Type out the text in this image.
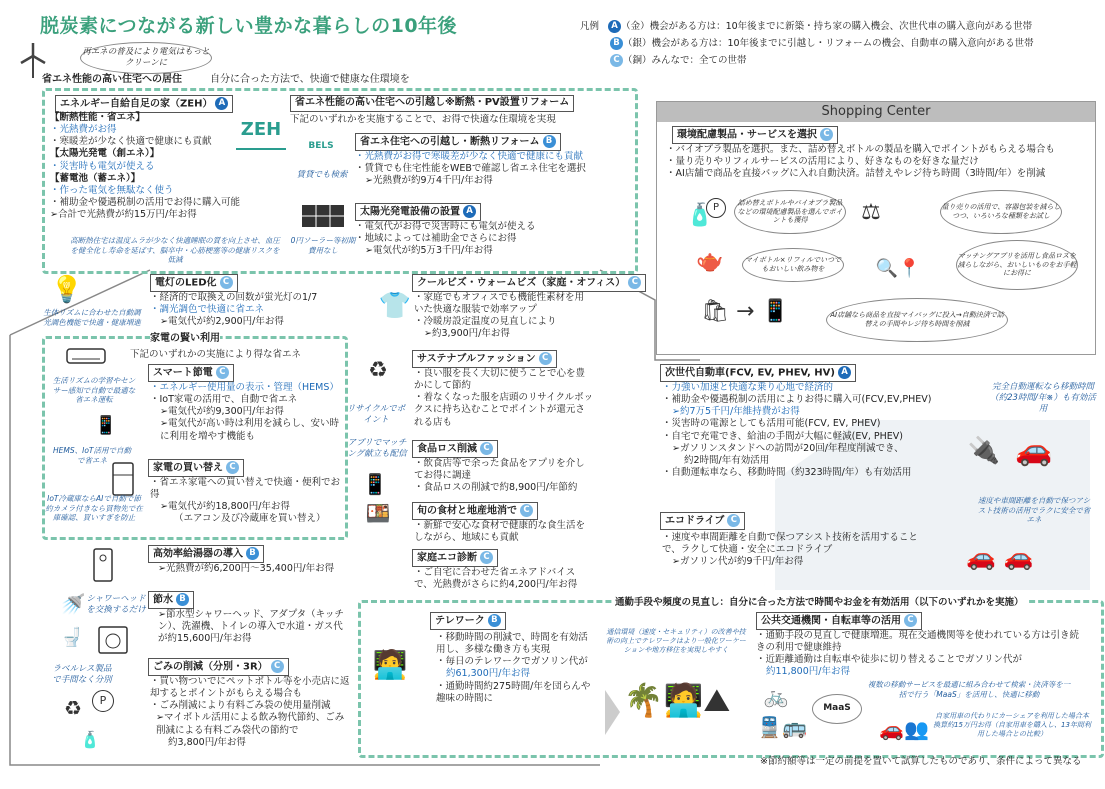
脱炭素につながる新しい豊かな暮らしの10年後
再エネの普及により電気はもっとクリーンに
凡例 A （金）機会がある方は：10年後までに新築・持ち家の購入機会、次世代車の購入意向がある世帯
B （銀）機会がある方は：10年後までに引越し・リフォームの機会、自動車の購入意向がある世帯
C （銅）みんなで：全ての世帯
省エネ性能の高い住宅への居住	自分に合った方法で、快適で健康な住環境を
エネルギー自給自足の家（ZEH） A
【断熱性能・省エネ】
・光熱費がお得
・寒暖差が少なく快適で健康にも貢献
【太陽光発電（創エネ）】
・災害時も電気が使える
【蓄電池（蓄エネ）】
・作った電気を無駄なく使う
・補助金や優遇税制の活用でお得に購入可能
➢合計で光熱費が約15万円/年お得
ZEH
高断熱住宅は温度ムラが少なく快適睡眠の質を向上させ、血圧を健全化し寿命を延ばす、脳卒中・心筋梗塞等の健康リスクを低減
省エネ性能の高い住宅への引越し※断熱・PV設置リフォーム
下記のいずれかを実施することで、お得で快適な住環境を実現
BELS
賃貸でも検索
省エネ住宅への引越し・断熱リフォーム B
・光熱費がお得で寒暖差が少なく快適で健康にも貢献
・賃貸でも住宅性能をWEBで確認し省エネ住宅を選択
➢光熱費が約9万4千円/年お得
0円ソーラー等初期費用なし
太陽光発電設備の設置 A
・電気代がお得で災害時にも電気が使える
・地域によっては補助金でさらにお得
➢電気代が約5万3千円/年お得
💡
生体リズムに合わせた自動調光調色機能で快適・健康増進
電灯のLED化 C
・経済的で取換えの回数が蛍光灯の1/7
・調光調色で快適に省エネ
➢電気代が約2,900円/年お得
👕
クールビズ・ウォームビズ（家庭・オフィス） C
・家庭でもオフィスでも機能性素材を用いた快適な服装で効率アップ
・冷暖房設定温度の見直しにより
➢約3,900円/年お得
家電の賢い利用
下記のいずれかの実施により得な省エネ
生活リズムの学習やセンサー感知で自動で最適な省エネ運転
📱
HEMS、IoT活用で自動で省エネ
スマート節電 C
・エネルギー使用量の表示・管理（HEMS）
・IoT家電の活用で、自動で省エネ
➢電気代が約9,300円/年お得
➢電気代が高い時は利用を減らし、安い時に利用を増やす機能も
IoT冷蔵庫ならAIで自動で節約カメラ付きなら買物先で在庫確認、買いすぎを防止
家電の買い替え C
・省エネ家電への買い替えで快適・便利でお得
➢電気代が約18,800円/年お得
（エアコン及び冷蔵庫を買い替え）
♻
リサイクルでポイント
サステナブルファッション C
・良い服を長く大切に使うことで心を豊かにして節約
・着なくなった服を店頭のリサイクルボックスに持ち込むことでポイントが還元される店も
アプリでマッチング献立も配信
📱
食品ロス削減 C
・飲食店等で余った食品をアプリを介してお得に調達
・食品ロスの削減で約8,900円/年節約
🍱	旬の食材と地産地消で C
・新鮮で安心な食材で健康的な食生活をしながら、地域にも貢献
家庭エコ診断 C
・ご自宅に合わせた省エネアドバイスで、光熱費がさらに約4,200円/年お得
高効率給湯器の導入 B
➢光熱費が約6,200円～35,400円/年お得
🚿 シャワーヘッドを交換するだけ
🚽
節水 B
➢節水型シャワーヘッド、アダプタ（キッチン）、洗濯機、トイレの導入で水道・ガス代が約15,600円/年お得
ラベルレス製品で手間なく分別
♻	P
🧴
ごみの削減（分別・3R） C
・買い物ついでにペットボトル等を小売店に返却するとポイントがもらえる場合も
・ごみ削減により有料ごみ袋の使用量削減
➢マイボトル活用による飲み物代節約、ごみ削減による有料ごみ袋代の節約で
約3,800円/年お得
Shopping Center
環境配慮製品・サービスを選択 C
・バイオプラ製品を選択。また、詰め替えボトルの製品を購入でポイントがもらえる場合も
・量り売りやリフィルサービスの活用により、好きなものを好きな量だけ
・AI店舗で商品を直接バッグに入れ自動決済。詰替えやレジ待ち時間（3時間/年）を削減
🧴 P	詰め替えボトルやバイオプラ製品などの環境配慮製品を選んでポイントも獲得	⚖	量り売りの活用で、容器包装を減らしつつ、いろいろな種類をお試し
🫖	マイボトル×リフィルでいつでもおいしい飲み物を	🔍📍
マッチングアプリを活用し食品ロスを減らしながら、おいしいものをお手軽にお得に
🛍 → 📱	AI店舗なら商品を直接マイバッグに投入→自動決済で詰替えの手間やレジ待ち時間を削減
次世代自動車(FCV, EV, PHEV, HV) A
・力強い加速と快適な乗り心地で経済的
・補助金や優遇税制の活用によりお得に購入可(FCV,EV,PHEV)
➢約7万5千円/年維持費がお得
・災害時の電源としても活用可能(FCV, EV, PHEV)
・自宅で充電でき、給油の手間が大幅に軽減(EV, PHEV)
➢ガソリンスタンドへの訪問が20回/年程度削減でき、
約2時間/年有効活用
・自動運転車なら、移動時間（約323時間/年）も有効活用
完全自動運転なら移動時間（約23時間/年※）も有効活用
🔌 🚗
エコドライブ C
・速度や車間距離を自動で保つアシスト技術を活用することで、ラクして快適・安全にエコドライブ
➢ガソリン代が約9千円/年お得
速度や車間距離を自動で保つアシスト技術の活用でラクに安全で省エネ
🚗 🚗
通勤手段や頻度の見直し：自分に合った方法で時間やお金を有効活用（以下のいずれかを実施）
🧑‍💻
テレワーク B
・移動時間の削減で、時間を有効活用し、多様な働き方も実現
・毎日のテレワークでガソリン代が
約61,300円/年お得
・通勤時間約275時間/年を団らんや趣味の時間に
通信環境（速度・セキュリティ）の改善や技術の向上でテレワークはより一般化ワーケーションや地方移住を実現しやすく
🌴🧑‍💻⛰
公共交通機関・自転車等の活用 C
・通勤手段の見直しで健康増進。現在交通機関等を使われている方は引き続きの利用で健康維持
・近距離通勤は自転車や徒歩に切り替えることでガソリン代が
約11,800円/年お得
🚲
🚆🚌
MaaS
複数の移動サービスを最適に組み合わせて検索・決済等を一括で行う「MaaS」を活用し、快適に移動
🚗👥
自家用車の代わりにカーシェアを利用した場合本換算約15万円お得（自家用車を購入し、13年間利用した場合との比較）
※節約額等は一定の前提を置いて試算したものであり、条件によって異なる
